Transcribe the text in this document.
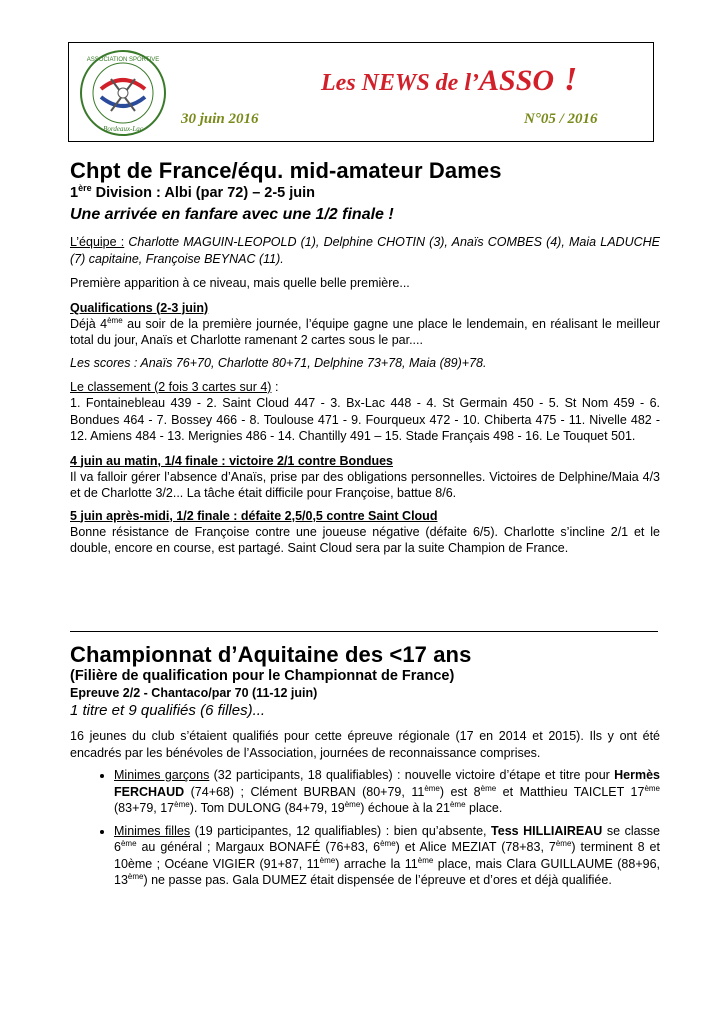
ASSOCIATION SPORTIVE
Bordeaux-Lac
Les NEWS de l’ASSO !
30 juin 2016	N°05 / 2016
Chpt de France/équ. mid-amateur Dames
1ère Division : Albi (par 72) – 2-5 juin
Une arrivée en fanfare avec une 1/2 finale !

L’équipe : Charlotte MAGUIN-LEOPOLD (1), Delphine CHOTIN (3), Anaïs COMBES (4), Maia LADUCHE (7) capitaine, Françoise BEYNAC (11).

Première apparition à ce niveau, mais quelle belle première...

Qualifications (2-3 juin)

Déjà 4ème au soir de la première journée, l’équipe gagne une place le lendemain, en réalisant le meilleur total du jour, Anaïs et Charlotte ramenant 2 cartes sous le par....

Les scores : Anaïs 76+70, Charlotte 80+71, Delphine 73+78, Maia (89)+78.

Le classement (2 fois 3 cartes sur 4) :

1. Fontainebleau 439 - 2. Saint Cloud 447 - 3. Bx-Lac 448 - 4. St Germain 450 - 5. St Nom 459 - 6. Bondues 464 - 7. Bossey 466 - 8. Toulouse 471 - 9. Fourqueux 472 - 10. Chiberta 475 - 11. Nivelle 482 - 12. Amiens 484 - 13. Merignies 486 - 14. Chantilly 491 – 15. Stade Français 498 - 16. Le Touquet 501.

4 juin au matin, 1/4 finale : victoire 2/1 contre Bondues

Il va falloir gérer l’absence d’Anaïs, prise par des obligations personnelles. Victoires de Delphine/Maia 4/3 et de Charlotte 3/2... La tâche était difficile pour Françoise, battue 8/6.

5 juin après-midi, 1/2 finale : défaite 2,5/0,5 contre Saint Cloud

Bonne résistance de Françoise contre une joueuse négative (défaite 6/5). Charlotte s’incline 2/1 et le double, encore en course, est partagé. Saint Cloud sera par la suite Champion de France.

Championnat d’Aquitaine des <17 ans
(Filière de qualification pour le Championnat de France)
Epreuve 2/2 - Chantaco/par 70 (11-12 juin)
1 titre et 9 qualifiés (6 filles)...

16 jeunes du club s’étaient qualifiés pour cette épreuve régionale (17 en 2014 et 2015). Ils y ont été encadrés par les bénévoles de l’Association, journées de reconnaissance comprises.

• Minimes garçons (32 participants, 18 qualifiables) : nouvelle victoire d’étape et titre pour Hermès FERCHAUD (74+68) ; Clément BURBAN (80+79, 11ème) est 8ème et Matthieu TAICLET 17ème (83+79, 17ème). Tom DULONG (84+79, 19ème) échoue à la 21ème place.
• Minimes filles (19 participantes, 12 qualifiables) : bien qu’absente, Tess HILLIAIREAU se classe 6ème au général ; Margaux BONAFÉ (76+83, 6ème) et Alice MEZIAT (78+83, 7ème) terminent 8 et 10ème ; Océane VIGIER (91+87, 11ème) arrache la 11ème place, mais Clara GUILLAUME (88+96, 13ème) ne passe pas. Gala DUMEZ était dispensée de l’épreuve et d’ores et déjà qualifiée.
